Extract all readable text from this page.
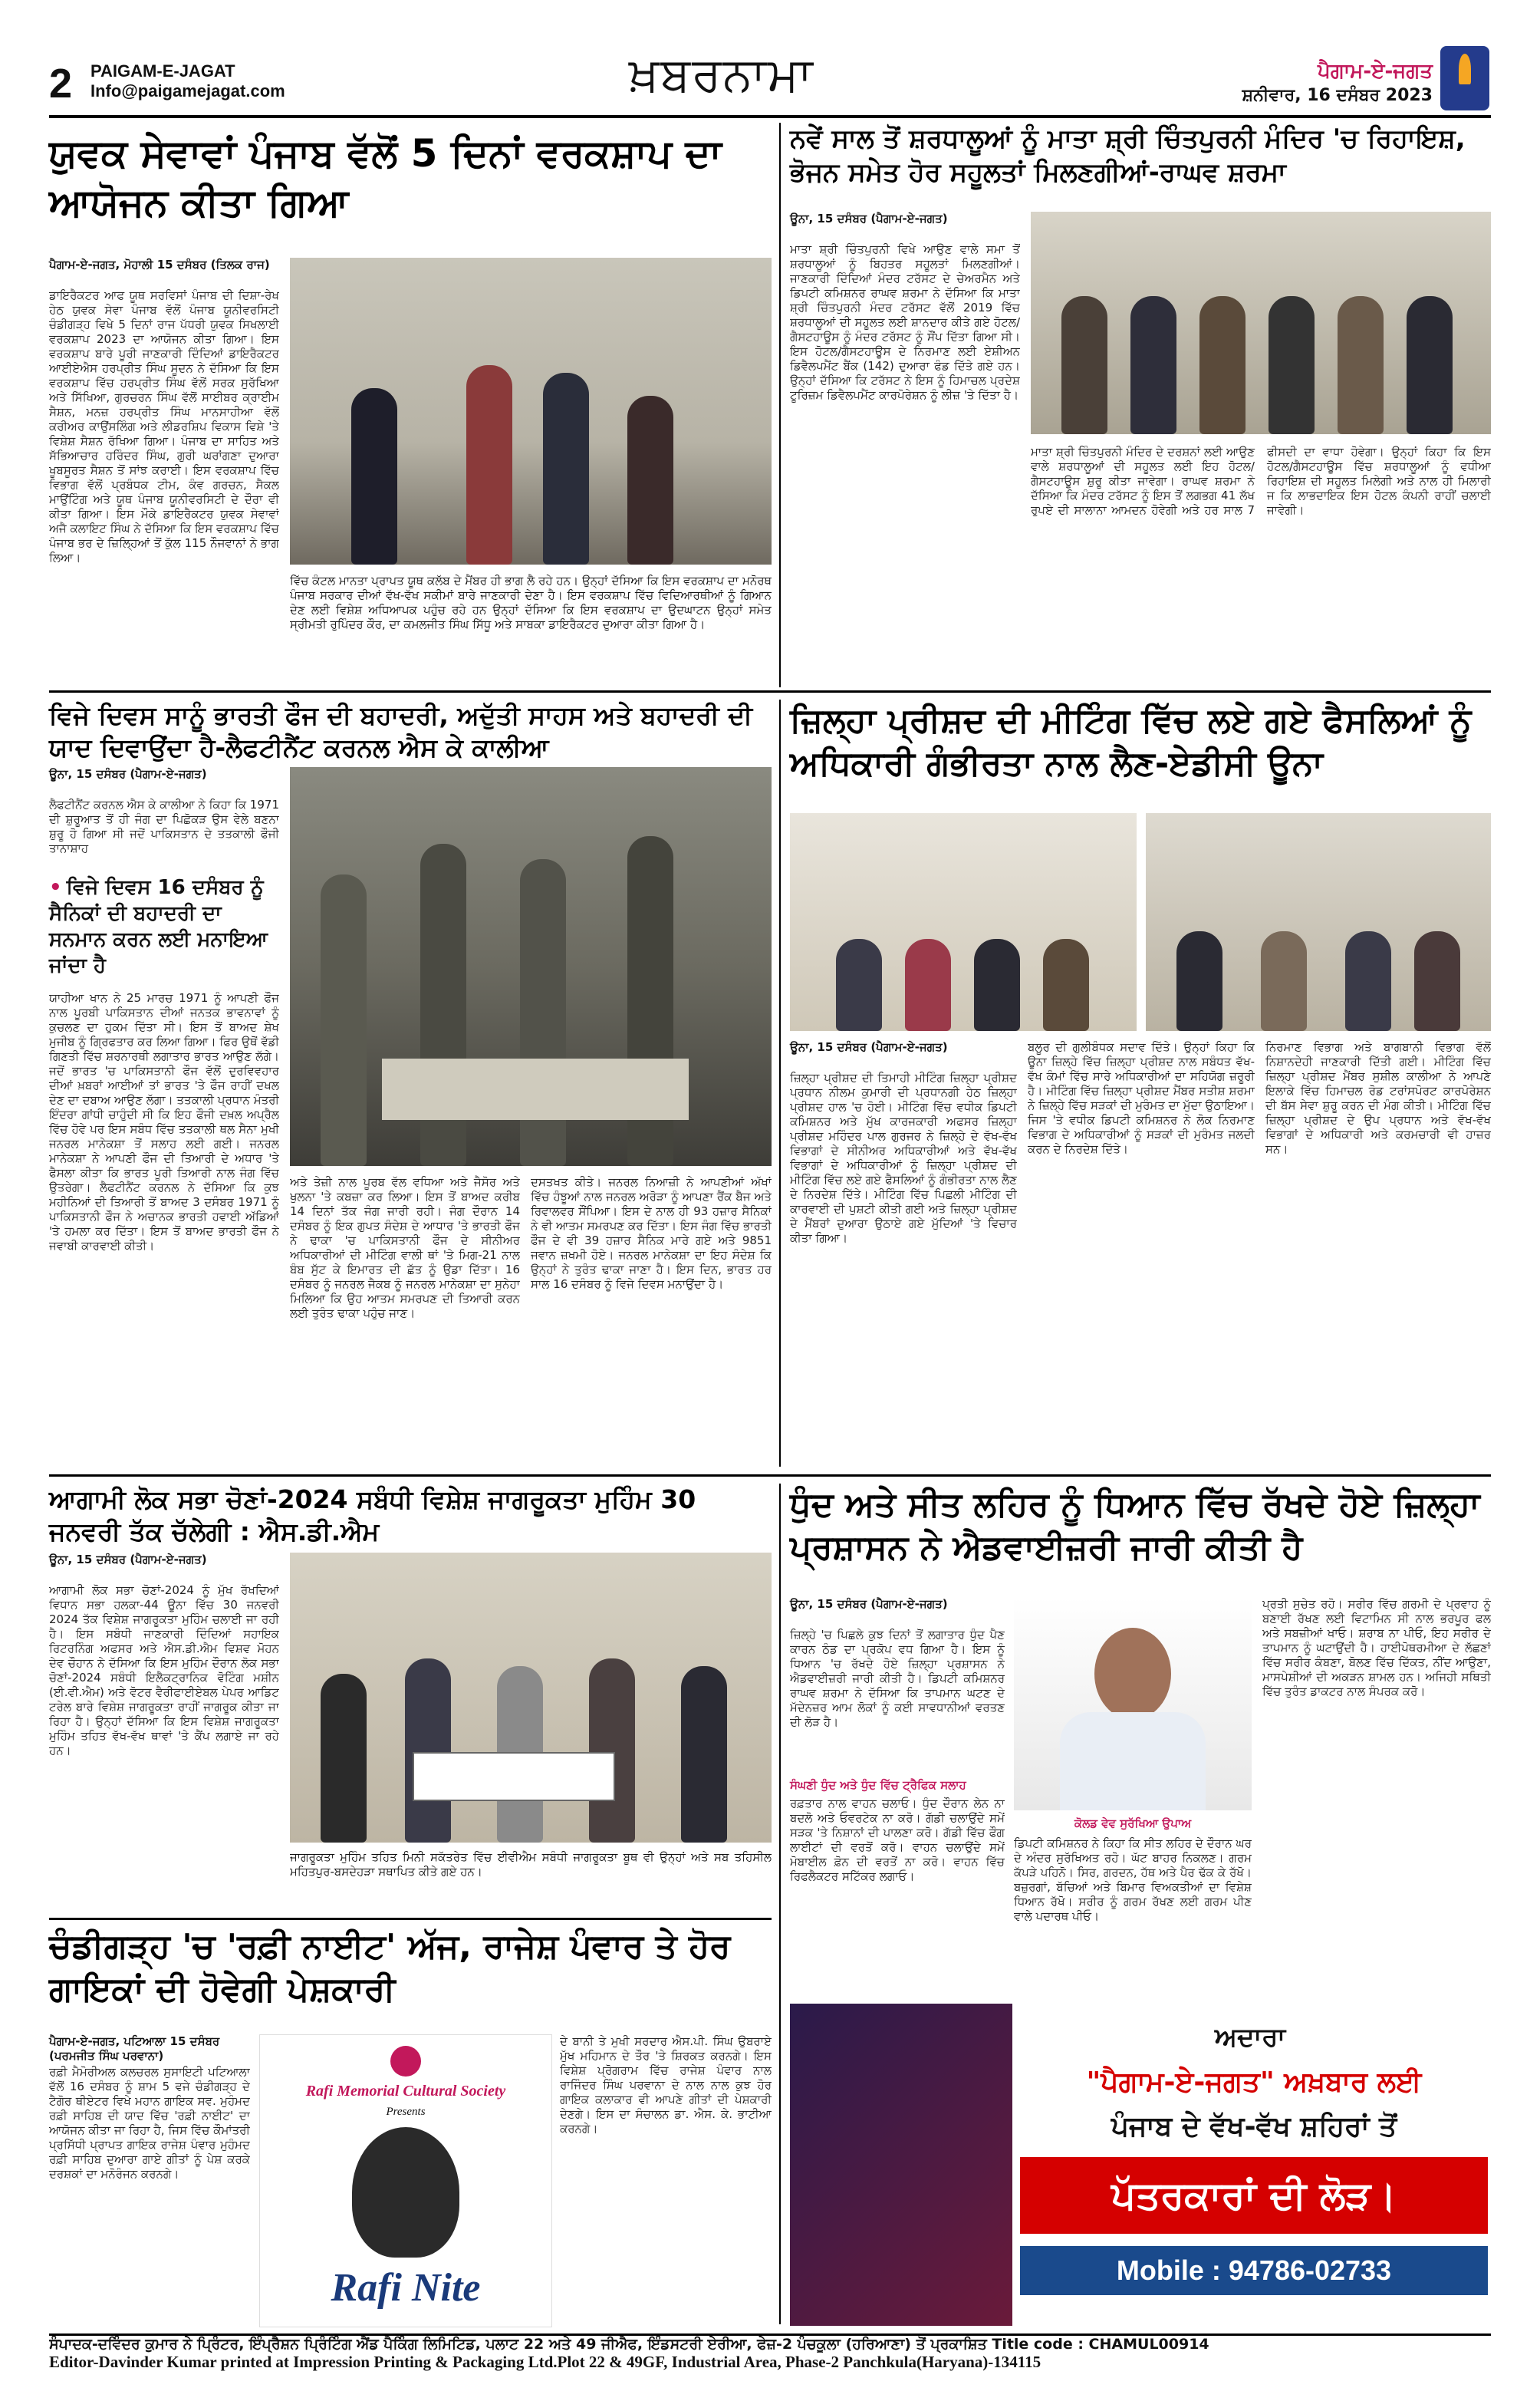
2 PAIGAM-E-JAGAT
Info@paigamejagat.com	ਖ਼ਬਰਨਾਮਾ	ਪੈਗਾਮ-ਏ-ਜਗਤ
ਸ਼ਨੀਵਾਰ, 16 ਦਸੰਬਰ 2023
ਯੁਵਕ ਸੇਵਾਵਾਂ ਪੰਜਾਬ ਵੱਲੋਂ 5 ਦਿਨਾਂ ਵਰਕਸ਼ਾਪ ਦਾ ਆਯੋਜਨ ਕੀਤਾ ਗਿਆ
ਪੈਗਾਮ-ਏ-ਜਗਤ, ਮੋਹਾਲੀ 15 ਦਸੰਬਰ (ਤਿਲਕ ਰਾਜ)
ਡਾਇਰੈਕਟਰ ਆਫ ਯੂਥ ਸਰਵਿਸਾਂ ਪੰਜਾਬ ਦੀ ਦਿਸ਼ਾ-ਰੇਖ ਹੇਠ ਯੁਵਕ ਸੇਵਾ ਪੰਜਾਬ ਵੱਲੋਂ ਪੰਜਾਬ ਯੂਨੀਵਰਸਿਟੀ ਚੰਡੀਗੜ੍ਹ ਵਿਖੇ 5 ਦਿਨਾਂ ਰਾਜ ਪੱਧਰੀ ਯੁਵਕ ਸਿਖਲਾਈ ਵਰਕਸ਼ਾਪ 2023 ਦਾ ਆਯੋਜਨ ਕੀਤਾ ਗਿਆ। ਇਸ ਵਰਕਸ਼ਾਪ ਬਾਰੇ ਪੂਰੀ ਜਾਣਕਾਰੀ ਦਿੰਦਿਆਂ ਡਾਇਰੈਕਟਰ ਆਈਏਐਸ ਹਰਪ੍ਰੀਤ ਸਿੰਘ ਸੂਦਨ ਨੇ ਦੱਸਿਆ ਕਿ ਇਸ ਵਰਕਸ਼ਾਪ ਵਿੱਚ ਹਰਪ੍ਰੀਤ ਸਿੰਘ ਵੱਲੋਂ ਸਰਕ ਸੁਰੱਖਿਆ ਅਤੇ ਸਿੱਖਿਆ, ਗੁਰਚਰਨ ਸਿੰਘ ਵੱਲੋਂ ਸਾਈਬਰ ਕ੍ਰਾਈਮ ਸੈਸ਼ਨ, ਮਨਜ਼ ਹਰਪ੍ਰੀਤ ਸਿੰਘ ਮਾਨਸਾਹੀਆ ਵੱਲੋਂ ਕਰੀਅਰ ਕਾਉਂਸਲਿੰਗ ਅਤੇ ਲੀਡਰਸ਼ਿਪ ਵਿਕਾਸ ਵਿਸ਼ੇ 'ਤੇ ਵਿਸ਼ੇਸ਼ ਸੈਸ਼ਨ ਰੱਖਿਆ ਗਿਆ। ਪੰਜਾਬ ਦਾ ਸਾਹਿਤ ਅਤੇ ਸੱਭਿਆਚਾਰ ਹਰਿੰਦਰ ਸਿੰਘ, ਗੁਰੀ ਘਰਾਂਗਣਾ ਦੁਆਰਾ ਖੂਬਸੂਰਤ ਸੈਸ਼ਨ ਤੋਂ ਸਾਂਝ ਕਰਾਈ। ਇਸ ਵਰਕਸ਼ਾਪ ਵਿੱਚ ਵਿਭਾਗ ਵੱਲੋਂ ਪ੍ਰਬੰਧਕ ਟੀਮ, ਕੰਵ ਗਰਚਨ, ਸੈਕਲ ਮਾਉਂਟਿੰਗ ਅਤੇ ਯੂਥ ਪੰਜਾਬ ਯੂਨੀਵਰਸਿਟੀ ਦੇ ਦੌਰਾ ਵੀ ਕੀਤਾ ਗਿਆ। ਇਸ ਮੌਕੇ ਡਾਇਰੈਕਟਰ ਯੁਵਕ ਸੇਵਾਵਾਂ ਅਜੈ ਕਲਾਇਟ ਸਿੰਘ ਨੇ ਦੱਸਿਆ ਕਿ ਇਸ ਵਰਕਸ਼ਾਪ ਵਿੱਚ ਪੰਜਾਬ ਭਰ ਦੇ ਜ਼ਿਲ੍ਹਿਆਂ ਤੋਂ ਕੁੱਲ 115 ਨੌਜਵਾਨਾਂ ਨੇ ਭਾਗ ਲਿਆ।
ਵਿੱਚ ਕੰਟਲ ਮਾਨਤਾ ਪ੍ਰਾਪਤ ਯੂਥ ਕਲੱਬ ਦੇ ਮੈਂਬਰ ਹੀ ਭਾਗ ਲੈ ਰਹੇ ਹਨ। ਉਨ੍ਹਾਂ ਦੱਸਿਆ ਕਿ ਇਸ ਵਰਕਸ਼ਾਪ ਦਾ ਮਨੋਰਥ ਪੰਜਾਬ ਸਰਕਾਰ ਦੀਆਂ ਵੱਖ-ਵੱਖ ਸਕੀਮਾਂ ਬਾਰੇ ਜਾਣਕਾਰੀ ਦੇਣਾ ਹੈ। ਇਸ ਵਰਕਸ਼ਾਪ ਵਿੱਚ ਵਿਦਿਆਰਥੀਆਂ ਨੂੰ ਗਿਆਨ ਦੇਣ ਲਈ ਵਿਸ਼ੇਸ਼ ਅਧਿਆਪਕ ਪਹੁੰਚ ਰਹੇ ਹਨ ਉਨ੍ਹਾਂ ਦੱਸਿਆ ਕਿ ਇਸ ਵਰਕਸ਼ਾਪ ਦਾ ਉਦਘਾਟਨ ਉਨ੍ਹਾਂ ਸਮੇਤ ਸ੍ਰੀਮਤੀ ਰੁਪਿੰਦਰ ਕੌਰ, ਦਾ ਕਮਲਜੀਤ ਸਿੰਘ ਸਿੱਧੂ ਅਤੇ ਸਾਬਕਾ ਡਾਇਰੈਕਟਰ ਦੁਆਰਾ ਕੀਤਾ ਗਿਆ ਹੈ।
ਨਵੇਂ ਸਾਲ ਤੋਂ ਸ਼ਰਧਾਲੂਆਂ ਨੂੰ ਮਾਤਾ ਸ਼੍ਰੀ ਚਿੰਤਪੁਰਨੀ ਮੰਦਿਰ 'ਚ ਰਿਹਾਇਸ਼, ਭੋਜਨ ਸਮੇਤ ਹੋਰ ਸਹੂਲਤਾਂ ਮਿਲਣਗੀਆਂ-ਰਾਘਵ ਸ਼ਰਮਾ
ਊਨਾ, 15 ਦਸੰਬਰ (ਪੈਗਾਮ-ਏ-ਜਗਤ)
ਮਾਤਾ ਸ਼੍ਰੀ ਚਿੰਤਪੁਰਨੀ ਵਿਖੇ ਆਉਣ ਵਾਲੇ ਸਮਾ ਤੋਂ ਸ਼ਰਧਾਲੂਆਂ ਨੂੰ ਬਿਹਤਰ ਸਹੂਲਤਾਂ ਮਿਲਣਗੀਆਂ। ਜਾਣਕਾਰੀ ਦਿੰਦਿਆਂ ਮੰਦਰ ਟਰੱਸਟ ਦੇ ਚੇਅਰਮੈਨ ਅਤੇ ਡਿਪਟੀ ਕਮਿਸ਼ਨਰ ਰਾਘਵ ਸ਼ਰਮਾ ਨੇ ਦੱਸਿਆ ਕਿ ਮਾਤਾ ਸ਼੍ਰੀ ਚਿੰਤਪੁਰਨੀ ਮੰਦਰ ਟਰੱਸਟ ਵੱਲੋਂ 2019 ਵਿੱਚ ਸ਼ਰਧਾਲੂਆਂ ਦੀ ਸਹੂਲਤ ਲਈ ਸ਼ਾਨਦਾਰ ਕੀਤੇ ਗਏ ਹੋਟਲ/ਗੈਸਟਹਾਊਸ ਨੂੰ ਮੰਦਰ ਟਰੱਸਟ ਨੂੰ ਸੌਂਪ ਦਿੱਤਾ ਗਿਆ ਸੀ। ਇਸ ਹੋਟਲ/ਗੈਸਟਹਾਊਸ ਦੇ ਨਿਰਮਾਣ ਲਈ ਏਸ਼ੀਅਨ ਡਿਵੈਲਪਮੈਂਟ ਬੈਂਕ (142) ਦੁਆਰਾ ਫੰਡ ਦਿੱਤੇ ਗਏ ਹਨ। ਉਨ੍ਹਾਂ ਦੱਸਿਆ ਕਿ ਟਰੱਸਟ ਨੇ ਇਸ ਨੂੰ ਹਿਮਾਚਲ ਪ੍ਰਦੇਸ਼ ਟੂਰਿਜ਼ਮ ਡਿਵੈਲਪਮੈਂਟ ਕਾਰਪੋਰੇਸ਼ਨ ਨੂੰ ਲੀਜ਼ 'ਤੇ ਦਿੱਤਾ ਹੈ।
ਮਾਤਾ ਸ਼੍ਰੀ ਚਿੰਤਪੁਰਨੀ ਮੰਦਿਰ ਦੇ ਦਰਸ਼ਨਾਂ ਲਈ ਆਉਣ ਵਾਲੇ ਸ਼ਰਧਾਲੂਆਂ ਦੀ ਸਹੂਲਤ ਲਈ ਇਹ ਹੋਟਲ/ਗੈਸਟਹਾਊਸ ਸ਼ੁਰੂ ਕੀਤਾ ਜਾਵੇਗਾ। ਰਾਘਵ ਸ਼ਰਮਾ ਨੇ ਦੱਸਿਆ ਕਿ ਮੰਦਰ ਟਰੱਸਟ ਨੂੰ ਇਸ ਤੋਂ ਲਗਭਗ 41 ਲੱਖ ਰੁਪਏ ਦੀ ਸਾਲਾਨਾ ਆਮਦਨ ਹੋਵੇਗੀ ਅਤੇ ਹਰ ਸਾਲ 7 ਫੀਸਦੀ ਦਾ ਵਾਧਾ ਹੋਵੇਗਾ। ਉਨ੍ਹਾਂ ਕਿਹਾ ਕਿ ਇਸ ਹੋਟਲ/ਗੈਸਟਹਾਊਸ ਵਿੱਚ ਸ਼ਰਧਾਲੂਆਂ ਨੂੰ ਵਧੀਆ ਰਿਹਾਇਸ਼ ਦੀ ਸਹੂਲਤ ਮਿਲੇਗੀ ਅਤੇ ਨਾਲ ਹੀ ਮਿਲਾਰੀ ਜ ਕਿ ਲਾਭਦਾਇਕ ਇਸ ਹੋਟਲ ਕੰਪਨੀ ਰਾਹੀਂ ਚਲਾਈ ਜਾਵੇਗੀ।
ਜ਼ਿਲ੍ਹਾ ਪ੍ਰੀਸ਼ਦ ਦੀ ਮੀਟਿੰਗ ਵਿੱਚ ਲਏ ਗਏ ਫੈਸਲਿਆਂ ਨੂੰ ਅਧਿਕਾਰੀ ਗੰਭੀਰਤਾ ਨਾਲ ਲੈਣ-ਏਡੀਸੀ ਊਨਾ
ਊਨਾ, 15 ਦਸੰਬਰ (ਪੈਗਾਮ-ਏ-ਜਗਤ)
ਜ਼ਿਲ੍ਹਾ ਪ੍ਰੀਸ਼ਦ ਦੀ ਤਿਮਾਹੀ ਮੀਟਿੰਗ ਜ਼ਿਲ੍ਹਾ ਪ੍ਰੀਸ਼ਦ ਪ੍ਰਧਾਨ ਨੀਲਮ ਕੁਮਾਰੀ ਦੀ ਪ੍ਰਧਾਨਗੀ ਹੇਠ ਜ਼ਿਲ੍ਹਾ ਪ੍ਰੀਸ਼ਦ ਹਾਲ 'ਚ ਹੋਈ। ਮੀਟਿੰਗ ਵਿੱਚ ਵਧੀਕ ਡਿਪਟੀ ਕਮਿਸ਼ਨਰ ਅਤੇ ਮੁੱਖ ਕਾਰਜਕਾਰੀ ਅਫਸਰ ਜ਼ਿਲ੍ਹਾ ਪ੍ਰੀਸ਼ਦ ਮਹਿੰਦਰ ਪਾਲ ਗੁਰਜਰ ਨੇ ਜ਼ਿਲ੍ਹੇ ਦੇ ਵੱਖ-ਵੱਖ ਵਿਭਾਗਾਂ ਦੇ ਸੀਨੀਅਰ ਅਧਿਕਾਰੀਆਂ ਅਤੇ ਵੱਖ-ਵੱਖ ਵਿਭਾਗਾਂ ਦੇ ਅਧਿਕਾਰੀਆਂ ਨੂੰ ਜ਼ਿਲ੍ਹਾ ਪ੍ਰੀਸ਼ਦ ਦੀ ਮੀਟਿੰਗ ਵਿੱਚ ਲਏ ਗਏ ਫੈਸਲਿਆਂ ਨੂੰ ਗੰਭੀਰਤਾ ਨਾਲ ਲੈਣ ਦੇ ਨਿਰਦੇਸ਼ ਦਿੱਤੇ। ਮੀਟਿੰਗ ਵਿੱਚ ਪਿਛਲੀ ਮੀਟਿੰਗ ਦੀ ਕਾਰਵਾਈ ਦੀ ਪੁਸ਼ਟੀ ਕੀਤੀ ਗਈ ਅਤੇ ਜ਼ਿਲ੍ਹਾ ਪ੍ਰੀਸ਼ਦ ਦੇ ਮੈਂਬਰਾਂ ਦੁਆਰਾ ਉਠਾਏ ਗਏ ਮੁੱਦਿਆਂ 'ਤੇ ਵਿਚਾਰ ਕੀਤਾ ਗਿਆ।
ਬਲੂਰ ਦੀ ਗੁਲੀਬੰਧਕ ਸਦਾਵ ਦਿੱਤੇ। ਉਨ੍ਹਾਂ ਕਿਹਾ ਕਿ ਊਨਾ ਜ਼ਿਲ੍ਹੇ ਵਿੱਚ ਜ਼ਿਲ੍ਹਾ ਪ੍ਰੀਸ਼ਦ ਨਾਲ ਸਬੰਧਤ ਵੱਖ-ਵੱਖ ਕੰਮਾਂ ਵਿੱਚ ਸਾਰੇ ਅਧਿਕਾਰੀਆਂ ਦਾ ਸਹਿਯੋਗ ਜ਼ਰੂਰੀ ਹੈ। ਮੀਟਿੰਗ ਵਿੱਚ ਜ਼ਿਲ੍ਹਾ ਪ੍ਰੀਸ਼ਦ ਮੈਂਬਰ ਸਤੀਸ਼ ਸ਼ਰਮਾ ਨੇ ਜ਼ਿਲ੍ਹੇ ਵਿੱਚ ਸੜਕਾਂ ਦੀ ਮੁਰੰਮਤ ਦਾ ਮੁੱਦਾ ਉਠਾਇਆ। ਜਿਸ 'ਤੇ ਵਧੀਕ ਡਿਪਟੀ ਕਮਿਸ਼ਨਰ ਨੇ ਲੋਕ ਨਿਰਮਾਣ ਵਿਭਾਗ ਦੇ ਅਧਿਕਾਰੀਆਂ ਨੂੰ ਸੜਕਾਂ ਦੀ ਮੁਰੰਮਤ ਜਲਦੀ ਕਰਨ ਦੇ ਨਿਰਦੇਸ਼ ਦਿੱਤੇ।
ਨਿਰਮਾਣ ਵਿਭਾਗ ਅਤੇ ਬਾਗਬਾਨੀ ਵਿਭਾਗ ਵੱਲੋਂ ਨਿਸ਼ਾਨਦੇਹੀ ਜਾਣਕਾਰੀ ਦਿੱਤੀ ਗਈ। ਮੀਟਿੰਗ ਵਿੱਚ ਜ਼ਿਲ੍ਹਾ ਪ੍ਰੀਸ਼ਦ ਮੈਂਬਰ ਸੁਸ਼ੀਲ ਕਾਲੀਆ ਨੇ ਆਪਣੇ ਇਲਾਕੇ ਵਿੱਚ ਹਿਮਾਚਲ ਰੋਡ ਟਰਾਂਸਪੋਰਟ ਕਾਰਪੋਰੇਸ਼ਨ ਦੀ ਬੱਸ ਸੇਵਾ ਸ਼ੁਰੂ ਕਰਨ ਦੀ ਮੰਗ ਕੀਤੀ। ਮੀਟਿੰਗ ਵਿੱਚ ਜ਼ਿਲ੍ਹਾ ਪ੍ਰੀਸ਼ਦ ਦੇ ਉਪ ਪ੍ਰਧਾਨ ਅਤੇ ਵੱਖ-ਵੱਖ ਵਿਭਾਗਾਂ ਦੇ ਅਧਿਕਾਰੀ ਅਤੇ ਕਰਮਚਾਰੀ ਵੀ ਹਾਜ਼ਰ ਸਨ।
ਵਿਜੇ ਦਿਵਸ ਸਾਨੂੰ ਭਾਰਤੀ ਫੌਜ ਦੀ ਬਹਾਦਰੀ, ਅਦੁੱਤੀ ਸਾਹਸ ਅਤੇ ਬਹਾਦਰੀ ਦੀ ਯਾਦ ਦਿਵਾਉਂਦਾ ਹੈ-ਲੈਫਟੀਨੈਂਟ ਕਰਨਲ ਐਸ ਕੇ ਕਾਲੀਆ
ਊਨਾ, 15 ਦਸੰਬਰ (ਪੈਗਾਮ-ਏ-ਜਗਤ)
ਲੈਫਟੀਨੈਂਟ ਕਰਨਲ ਐਸ ਕੇ ਕਾਲੀਆ ਨੇ ਕਿਹਾ ਕਿ 1971 ਦੀ ਸ਼ੁਰੂਆਤ ਤੋਂ ਹੀ ਜੰਗ ਦਾ ਪਿਛੋਕੜ ਉਸ ਵੇਲੇ ਬਣਨਾ ਸ਼ੁਰੂ ਹੋ ਗਿਆ ਸੀ ਜਦੋਂ ਪਾਕਿਸਤਾਨ ਦੇ ਤਤਕਾਲੀ ਫੌਜੀ ਤਾਨਾਸ਼ਾਹ
• ਵਿਜੇ ਦਿਵਸ 16 ਦਸੰਬਰ ਨੂੰ ਸੈਨਿਕਾਂ ਦੀ ਬਹਾਦਰੀ ਦਾ ਸਨਮਾਨ ਕਰਨ ਲਈ ਮਨਾਇਆ ਜਾਂਦਾ ਹੈ
ਯਾਹੀਆ ਖਾਨ ਨੇ 25 ਮਾਰਚ 1971 ਨੂੰ ਆਪਣੀ ਫੌਜ ਨਾਲ ਪੂਰਬੀ ਪਾਕਿਸਤਾਨ ਦੀਆਂ ਜਨਤਕ ਭਾਵਨਾਵਾਂ ਨੂੰ ਕੁਚਲਣ ਦਾ ਹੁਕਮ ਦਿੱਤਾ ਸੀ। ਇਸ ਤੋਂ ਬਾਅਦ ਸ਼ੇਖ ਮੁਜੀਬ ਨੂੰ ਗ੍ਰਿਫਤਾਰ ਕਰ ਲਿਆ ਗਿਆ। ਫਿਰ ਉਥੋਂ ਵੱਡੀ ਗਿਣਤੀ ਵਿੱਚ ਸ਼ਰਨਾਰਥੀ ਲਗਾਤਾਰ ਭਾਰਤ ਆਉਣ ਲੱਗੇ। ਜਦੋਂ ਭਾਰਤ 'ਚ ਪਾਕਿਸਤਾਨੀ ਫੌਜ ਵੱਲੋਂ ਦੁਰਵਿਵਹਾਰ ਦੀਆਂ ਖ਼ਬਰਾਂ ਆਈਆਂ ਤਾਂ ਭਾਰਤ 'ਤੇ ਫੌਜ ਰਾਹੀਂ ਦਖਲ ਦੇਣ ਦਾ ਦਬਾਅ ਆਉਣ ਲੱਗਾ। ਤਤਕਾਲੀ ਪ੍ਰਧਾਨ ਮੰਤਰੀ ਇੰਦਰਾ ਗਾਂਧੀ ਚਾਹੁੰਦੀ ਸੀ ਕਿ ਇਹ ਫੌਜੀ ਦਖ਼ਲ ਅਪ੍ਰੈਲ ਵਿੱਚ ਹੋਵੇ ਪਰ ਇਸ ਸਬੰਧ ਵਿੱਚ ਤਤਕਾਲੀ ਥਲ ਸੈਨਾ ਮੁਖੀ ਜਨਰਲ ਮਾਨੇਕਸ਼ਾ ਤੋਂ ਸਲਾਹ ਲਈ ਗਈ। ਜਨਰਲ ਮਾਨੇਕਸ਼ਾ ਨੇ ਆਪਣੀ ਫੌਜ ਦੀ ਤਿਆਰੀ ਦੇ ਅਧਾਰ 'ਤੇ ਫੈਸਲਾ ਕੀਤਾ ਕਿ ਭਾਰਤ ਪੂਰੀ ਤਿਆਰੀ ਨਾਲ ਜੰਗ ਵਿੱਚ ਉਤਰੇਗਾ। ਲੈਫਟੀਨੈਂਟ ਕਰਨਲ ਨੇ ਦੱਸਿਆ ਕਿ ਕੁਝ ਮਹੀਨਿਆਂ ਦੀ ਤਿਆਰੀ ਤੋਂ ਬਾਅਦ 3 ਦਸੰਬਰ 1971 ਨੂੰ ਪਾਕਿਸਤਾਨੀ ਫੌਜ ਨੇ ਅਚਾਨਕ ਭਾਰਤੀ ਹਵਾਈ ਅੱਡਿਆਂ 'ਤੇ ਹਮਲਾ ਕਰ ਦਿੱਤਾ। ਇਸ ਤੋਂ ਬਾਅਦ ਭਾਰਤੀ ਫੌਜ ਨੇ ਜਵਾਬੀ ਕਾਰਵਾਈ ਕੀਤੀ।
ਅਤੇ ਤੇਜ਼ੀ ਨਾਲ ਪੂਰਬ ਵੱਲ ਵਧਿਆ ਅਤੇ ਜੈਸੋਰ ਅਤੇ ਖੁਲਨਾ 'ਤੇ ਕਬਜ਼ਾ ਕਰ ਲਿਆ। ਇਸ ਤੋਂ ਬਾਅਦ ਕਰੀਬ 14 ਦਿਨਾਂ ਤੱਕ ਜੰਗ ਜਾਰੀ ਰਹੀ। ਜੰਗ ਦੌਰਾਨ 14 ਦਸੰਬਰ ਨੂੰ ਇਕ ਗੁਪਤ ਸੰਦੇਸ਼ ਦੇ ਆਧਾਰ 'ਤੇ ਭਾਰਤੀ ਫੌਜ ਨੇ ਢਾਕਾ 'ਚ ਪਾਕਿਸਤਾਨੀ ਫੌਜ ਦੇ ਸੀਨੀਅਰ ਅਧਿਕਾਰੀਆਂ ਦੀ ਮੀਟਿੰਗ ਵਾਲੀ ਥਾਂ 'ਤੇ ਮਿਗ-21 ਨਾਲ ਬੰਬ ਸੁੱਟ ਕੇ ਇਮਾਰਤ ਦੀ ਛੱਤ ਨੂੰ ਉਡਾ ਦਿੱਤਾ। 16 ਦਸੰਬਰ ਨੂੰ ਜਨਰਲ ਜੈਕਬ ਨੂੰ ਜਨਰਲ ਮਾਨੇਕਸ਼ਾ ਦਾ ਸੁਨੇਹਾ ਮਿਲਿਆ ਕਿ ਉਹ ਆਤਮ ਸਮਰਪਣ ਦੀ ਤਿਆਰੀ ਕਰਨ ਲਈ ਤੁਰੰਤ ਢਾਕਾ ਪਹੁੰਚ ਜਾਣ।
ਦਸਤਖਤ ਕੀਤੇ। ਜਨਰਲ ਨਿਆਜ਼ੀ ਨੇ ਆਪਣੀਆਂ ਅੱਖਾਂ ਵਿੱਚ ਹੰਝੂਆਂ ਨਾਲ ਜਨਰਲ ਅਰੋੜਾ ਨੂੰ ਆਪਣਾ ਰੈਂਕ ਬੈਜ ਅਤੇ ਰਿਵਾਲਵਰ ਸੌਂਪਿਆ। ਇਸ ਦੇ ਨਾਲ ਹੀ 93 ਹਜ਼ਾਰ ਸੈਨਿਕਾਂ ਨੇ ਵੀ ਆਤਮ ਸਮਰਪਣ ਕਰ ਦਿੱਤਾ। ਇਸ ਜੰਗ ਵਿੱਚ ਭਾਰਤੀ ਫੌਜ ਦੇ ਵੀ 39 ਹਜ਼ਾਰ ਸੈਨਿਕ ਮਾਰੇ ਗਏ ਅਤੇ 9851 ਜਵਾਨ ਜ਼ਖਮੀ ਹੋਏ। ਜਨਰਲ ਮਾਨੇਕਸ਼ਾ ਦਾ ਇਹ ਸੰਦੇਸ਼ ਕਿ ਉਨ੍ਹਾਂ ਨੇ ਤੁਰੰਤ ਢਾਕਾ ਜਾਣਾ ਹੈ। ਇਸ ਦਿਨ, ਭਾਰਤ ਹਰ ਸਾਲ 16 ਦਸੰਬਰ ਨੂੰ ਵਿਜੇ ਦਿਵਸ ਮਨਾਉਂਦਾ ਹੈ।
ਆਗਾਮੀ ਲੋਕ ਸਭਾ ਚੋਣਾਂ-2024 ਸਬੰਧੀ ਵਿਸ਼ੇਸ਼ ਜਾਗਰੂਕਤਾ ਮੁਹਿੰਮ 30 ਜਨਵਰੀ ਤੱਕ ਚੱਲੇਗੀ : ਐਸ.ਡੀ.ਐਮ
ਊਨਾ, 15 ਦਸੰਬਰ (ਪੈਗਾਮ-ਏ-ਜਗਤ)
ਆਗਾਮੀ ਲੋਕ ਸਭਾ ਚੋਣਾਂ-2024 ਨੂੰ ਮੁੱਖ ਰੱਖਦਿਆਂ ਵਿਧਾਨ ਸਭਾ ਹਲਕਾ-44 ਊਨਾ ਵਿੱਚ 30 ਜਨਵਰੀ 2024 ਤੱਕ ਵਿਸ਼ੇਸ਼ ਜਾਗਰੂਕਤਾ ਮੁਹਿੰਮ ਚਲਾਈ ਜਾ ਰਹੀ ਹੈ। ਇਸ ਸਬੰਧੀ ਜਾਣਕਾਰੀ ਦਿੰਦਿਆਂ ਸਹਾਇਕ ਰਿਟਰਨਿੰਗ ਅਫਸਰ ਅਤੇ ਐਸ.ਡੀ.ਐਮ ਵਿਸ਼ਵ ਮੋਹਨ ਦੇਵ ਚੌਹਾਨ ਨੇ ਦੱਸਿਆ ਕਿ ਇਸ ਮੁਹਿੰਮ ਦੌਰਾਨ ਲੋਕ ਸਭਾ ਚੋਣਾਂ-2024 ਸਬੰਧੀ ਇਲੈਕਟ੍ਰਾਨਿਕ ਵੋਟਿੰਗ ਮਸ਼ੀਨ (ਈ.ਵੀ.ਐਮ) ਅਤੇ ਵੋਟਰ ਵੈਰੀਫਾਈਏਬਲ ਪੇਪਰ ਆਡਿਟ ਟਰੇਲ ਬਾਰੇ ਵਿਸ਼ੇਸ਼ ਜਾਗਰੂਕਤਾ ਰਾਹੀਂ ਜਾਗਰੂਕ ਕੀਤਾ ਜਾ ਰਿਹਾ ਹੈ। ਉਨ੍ਹਾਂ ਦੱਸਿਆ ਕਿ ਇਸ ਵਿਸ਼ੇਸ਼ ਜਾਗਰੂਕਤਾ ਮੁਹਿੰਮ ਤਹਿਤ ਵੱਖ-ਵੱਖ ਥਾਵਾਂ 'ਤੇ ਕੈਂਪ ਲਗਾਏ ਜਾ ਰਹੇ ਹਨ।
ਜਾਗਰੂਕਤਾ ਮੁਹਿੰਮ ਤਹਿਤ ਮਿਨੀ ਸਕੱਤਰੇਤ ਵਿੱਚ ਈਵੀਐਮ ਸਬੰਧੀ ਜਾਗਰੂਕਤਾ ਬੂਥ ਵੀ ਉਨ੍ਹਾਂ ਅਤੇ ਸਬ ਤਹਿਸੀਲ ਮਹਿਤਪੁਰ-ਬਸਦੇਹੜਾ ਸਥਾਪਿਤ ਕੀਤੇ ਗਏ ਹਨ।
ਧੁੰਦ ਅਤੇ ਸੀਤ ਲਹਿਰ ਨੂੰ ਧਿਆਨ ਵਿੱਚ ਰੱਖਦੇ ਹੋਏ ਜ਼ਿਲ੍ਹਾ ਪ੍ਰਸ਼ਾਸਨ ਨੇ ਐਡਵਾਈਜ਼ਰੀ ਜਾਰੀ ਕੀਤੀ ਹੈ
ਊਨਾ, 15 ਦਸੰਬਰ (ਪੈਗਾਮ-ਏ-ਜਗਤ)
ਜ਼ਿਲ੍ਹੇ 'ਚ ਪਿਛਲੇ ਕੁਝ ਦਿਨਾਂ ਤੋਂ ਲਗਾਤਾਰ ਧੁੰਦ ਪੈਣ ਕਾਰਨ ਠੰਡ ਦਾ ਪ੍ਰਕੋਪ ਵਧ ਗਿਆ ਹੈ। ਇਸ ਨੂੰ ਧਿਆਨ 'ਚ ਰੱਖਦੇ ਹੋਏ ਜ਼ਿਲ੍ਹਾ ਪ੍ਰਸ਼ਾਸਨ ਨੇ ਐਡਵਾਈਜ਼ਰੀ ਜਾਰੀ ਕੀਤੀ ਹੈ। ਡਿਪਟੀ ਕਮਿਸ਼ਨਰ ਰਾਘਵ ਸ਼ਰਮਾ ਨੇ ਦੱਸਿਆ ਕਿ ਤਾਪਮਾਨ ਘਟਣ ਦੇ ਮੱਦੇਨਜ਼ਰ ਆਮ ਲੋਕਾਂ ਨੂੰ ਕਈ ਸਾਵਧਾਨੀਆਂ ਵਰਤਣ ਦੀ ਲੋੜ ਹੈ।
ਸੰਘਣੀ ਧੁੰਦ ਅਤੇ ਧੁੰਦ ਵਿੱਚ ਟ੍ਰੈਫਿਕ ਸਲਾਹ
ਰਫ਼ਤਾਰ ਨਾਲ ਵਾਹਨ ਚਲਾਓ। ਧੁੰਦ ਦੌਰਾਨ ਲੇਨ ਨਾ ਬਦਲੋ ਅਤੇ ਓਵਰਟੇਕ ਨਾ ਕਰੋ। ਗੱਡੀ ਚਲਾਉਂਦੇ ਸਮੇਂ ਸੜਕ 'ਤੇ ਨਿਸ਼ਾਨਾਂ ਦੀ ਪਾਲਣਾ ਕਰੋ। ਗੱਡੀ ਵਿੱਚ ਫੌਗ ਲਾਈਟਾਂ ਦੀ ਵਰਤੋਂ ਕਰੋ। ਵਾਹਨ ਚਲਾਉਂਦੇ ਸਮੇਂ ਮੋਬਾਈਲ ਫ਼ੋਨ ਦੀ ਵਰਤੋਂ ਨਾ ਕਰੋ। ਵਾਹਨ ਵਿੱਚ ਰਿਫਲੈਕਟਰ ਸਟਿੱਕਰ ਲਗਾਓ।
ਕੋਲਡ ਵੇਵ ਸੁਰੱਖਿਆ ਉਪਾਅ
ਡਿਪਟੀ ਕਮਿਸ਼ਨਰ ਨੇ ਕਿਹਾ ਕਿ ਸੀਤ ਲਹਿਰ ਦੇ ਦੌਰਾਨ ਘਰ ਦੇ ਅੰਦਰ ਸੁਰੱਖਿਅਤ ਰਹੋ। ਘੱਟ ਬਾਹਰ ਨਿਕਲਣ। ਗਰਮ ਕੱਪੜੇ ਪਹਿਨੋ। ਸਿਰ, ਗਰਦਨ, ਹੱਥ ਅਤੇ ਪੈਰ ਢੱਕ ਕੇ ਰੱਖੋ। ਬਜ਼ੁਰਗਾਂ, ਬੱਚਿਆਂ ਅਤੇ ਬਿਮਾਰ ਵਿਅਕਤੀਆਂ ਦਾ ਵਿਸ਼ੇਸ਼ ਧਿਆਨ ਰੱਖੋ। ਸਰੀਰ ਨੂੰ ਗਰਮ ਰੱਖਣ ਲਈ ਗਰਮ ਪੀਣ ਵਾਲੇ ਪਦਾਰਥ ਪੀਓ।
ਪ੍ਰਤੀ ਸੁਚੇਤ ਰਹੋ। ਸਰੀਰ ਵਿੱਚ ਗਰਮੀ ਦੇ ਪ੍ਰਵਾਹ ਨੂੰ ਬਣਾਈ ਰੱਖਣ ਲਈ ਵਿਟਾਮਿਨ ਸੀ ਨਾਲ ਭਰਪੂਰ ਫਲ ਅਤੇ ਸਬਜ਼ੀਆਂ ਖਾਓ। ਸ਼ਰਾਬ ਨਾ ਪੀਓ, ਇਹ ਸਰੀਰ ਦੇ ਤਾਪਮਾਨ ਨੂੰ ਘਟਾਉਂਦੀ ਹੈ। ਹਾਈਪੋਥਰਮੀਆ ਦੇ ਲੱਛਣਾਂ ਵਿੱਚ ਸਰੀਰ ਕੰਬਣਾ, ਬੋਲਣ ਵਿੱਚ ਦਿੱਕਤ, ਨੀਂਦ ਆਉਣਾ, ਮਾਸਪੇਸ਼ੀਆਂ ਦੀ ਅਕੜਨ ਸ਼ਾਮਲ ਹਨ। ਅਜਿਹੀ ਸਥਿਤੀ ਵਿੱਚ ਤੁਰੰਤ ਡਾਕਟਰ ਨਾਲ ਸੰਪਰਕ ਕਰੋ।
ਚੰਡੀਗੜ੍ਹ 'ਚ 'ਰਫ਼ੀ ਨਾਈਟ' ਅੱਜ, ਰਾਜੇਸ਼ ਪੰਵਾਰ ਤੇ ਹੋਰ ਗਾਇਕਾਂ ਦੀ ਹੋਵੇਗੀ ਪੇਸ਼ਕਾਰੀ
ਪੈਗਾਮ-ਏ-ਜਗਤ, ਪਟਿਆਲਾ 15 ਦਸੰਬਰ (ਪਰਮਜੀਤ ਸਿੰਘ ਪਰਵਾਨਾ)
ਰਫ਼ੀ ਮੈਮੋਰੀਅਲ ਕਲਚਰਲ ਸੁਸਾਇਟੀ ਪਟਿਆਲਾ ਵੱਲੋਂ 16 ਦਸੰਬਰ ਨੂੰ ਸ਼ਾਮ 5 ਵਜੇ ਚੰਡੀਗੜ੍ਹ ਦੇ ਟੈਗੋਰ ਥੀਏਟਰ ਵਿਖੇ ਮਹਾਨ ਗਾਇਕ ਸਵ. ਮੁਹੰਮਦ ਰਫ਼ੀ ਸਾਹਿਬ ਦੀ ਯਾਦ ਵਿੱਚ 'ਰਫ਼ੀ ਨਾਈਟ' ਦਾ ਆਯੋਜਨ ਕੀਤਾ ਜਾ ਰਿਹਾ ਹੈ, ਜਿਸ ਵਿੱਚ ਕੌਮਾਂਤਰੀ ਪ੍ਰਸਿੱਧੀ ਪ੍ਰਾਪਤ ਗਾਇਕ ਰਾਜੇਸ਼ ਪੰਵਾਰ ਮੁਹੰਮਦ ਰਫ਼ੀ ਸਾਹਿਬ ਦੁਆਰਾ ਗਾਏ ਗੀਤਾਂ ਨੂੰ ਪੇਸ਼ ਕਰਕੇ ਦਰਸ਼ਕਾਂ ਦਾ ਮਨੋਰੰਜਨ ਕਰਨਗੇ।
Rafi Memorial Cultural Society
Presents
Rafi Nite
ਦੇ ਬਾਨੀ ਤੇ ਮੁਖੀ ਸਰਦਾਰ ਐਸ.ਪੀ. ਸਿੰਘ ਉਬਰਾਏ ਮੁੱਖ ਮਹਿਮਾਨ ਦੇ ਤੌਰ 'ਤੇ ਸ਼ਿਰਕਤ ਕਰਨਗੇ। ਇਸ ਵਿਸ਼ੇਸ਼ ਪ੍ਰੋਗਰਾਮ ਵਿੱਚ ਰਾਜੇਸ਼ ਪੰਵਾਰ ਨਾਲ ਰਾਜਿੰਦਰ ਸਿੰਘ ਪਰਵਾਨਾ ਦੇ ਨਾਲ ਨਾਲ ਕੁਝ ਹੋਰ ਗਾਇਕ ਕਲਾਕਾਰ ਵੀ ਆਪਣੇ ਗੀਤਾਂ ਦੀ ਪੇਸ਼ਕਾਰੀ ਦੇਣਗੇ। ਇਸ ਦਾ ਸੰਚਾਲਨ ਡਾ. ਐਸ. ਕੇ. ਭਾਟੀਆ ਕਰਨਗੇ।
ਅਦਾਰਾ
"ਪੈਗਾਮ-ਏ-ਜਗਤ" ਅਖ਼ਬਾਰ ਲਈ
ਪੰਜਾਬ ਦੇ ਵੱਖ-ਵੱਖ ਸ਼ਹਿਰਾਂ ਤੋਂ
ਪੱਤਰਕਾਰਾਂ ਦੀ ਲੋੜ।
Mobile : 94786-02733
ਸੰਪਾਦਕ-ਦਵਿੰਦਰ ਕੁਮਾਰ ਨੇ ਪ੍ਰਿੰਟਰ, ਇੰਪ੍ਰੈਸ਼ਨ ਪ੍ਰਿੰਟਿੰਗ ਐਂਡ ਪੈਕਿੰਗ ਲਿਮਿਟਿਡ, ਪਲਾਟ 22 ਅਤੇ 49 ਜੀਐਫ, ਇੰਡਸਟਰੀ ਏਰੀਆ, ਫੇਜ਼-2 ਪੰਚਕੂਲਾ (ਹਰਿਆਣਾ) ਤੋਂ ਪ੍ਰਕਾਸ਼ਿਤ Title code : CHAMUL00914
Editor-Davinder Kumar printed at Impression Printing & Packaging Ltd.Plot 22 & 49GF, Industrial Area, Phase-2 Panchkula(Haryana)-134115
